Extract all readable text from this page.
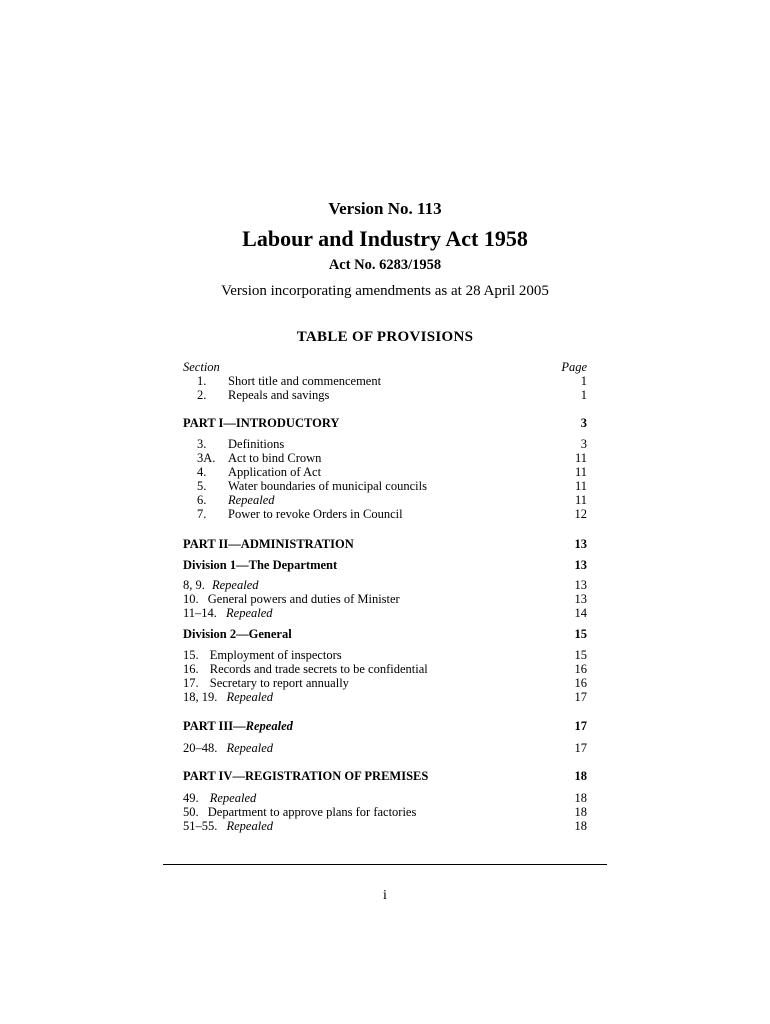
Version No. 113
Labour and Industry Act 1958
Act No. 6283/1958
Version incorporating amendments as at 28 April 2005
TABLE OF PROVISIONS
Section	Page
1. Short title and commencement	1
2. Repeals and savings	1
PART I—INTRODUCTORY	3
3. Definitions	3
3A. Act to bind Crown	11
4. Application of Act	11
5. Water boundaries of municipal councils	11
6. Repealed	11
7. Power to revoke Orders in Council	12
PART II—ADMINISTRATION	13
Division 1—The Department	13
8, 9. Repealed	13
10. General powers and duties of Minister	13
11–14. Repealed	14
Division 2—General	15
15. Employment of inspectors	15
16. Records and trade secrets to be confidential	16
17. Secretary to report annually	16
18, 19. Repealed	17
PART III—Repealed	17
20–48. Repealed	17
PART IV—REGISTRATION OF PREMISES	18
49. Repealed	18
50. Department to approve plans for factories	18
51–55. Repealed	18
i
